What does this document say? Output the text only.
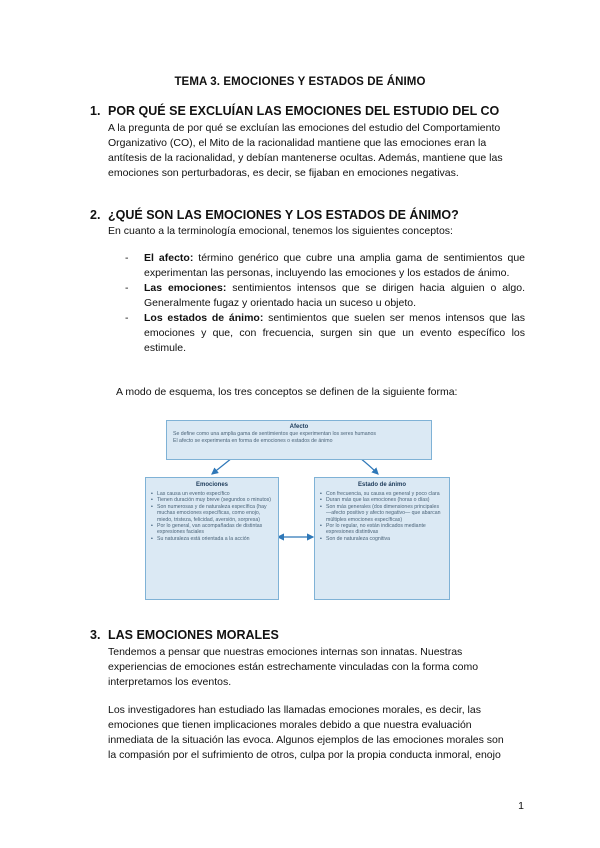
TEMA 3. EMOCIONES Y ESTADOS DE ÁNIMO
1. POR QUÉ SE EXCLUÍAN LAS EMOCIONES DEL ESTUDIO DEL CO
A la pregunta de por qué se excluían las emociones del estudio del Comportamiento
Organizativo (CO), el Mito de la racionalidad mantiene que las emociones eran la
antítesis de la racionalidad, y debían mantenerse ocultas. Además, mantiene que las
emociones son perturbadoras, es decir, se fijaban en emociones negativas.
2. ¿QUÉ SON LAS EMOCIONES Y LOS ESTADOS DE ÁNIMO?
En cuanto a la terminología emocional, tenemos los siguientes conceptos:
- El afecto: término genérico que cubre una amplia gama de sentimientos que experimentan las personas, incluyendo las emociones y los estados de ánimo.
- Las emociones: sentimientos intensos que se dirigen hacia alguien o algo. Generalmente fugaz y orientado hacia un suceso u objeto.
- Los estados de ánimo: sentimientos que suelen ser menos intensos que las emociones y que, con frecuencia, surgen sin que un evento específico los estimule.
A modo de esquema, los tres conceptos se definen de la siguiente forma:
Afecto
Se define como una amplia gama de sentimientos que experimentan los seres humanos
El afecto se experimenta en forma de emociones o estados de ánimo
Emociones
• Las causa un evento específico
• Tienen duración muy breve (segundos o minutos)
• Son numerosas y de naturaleza específica (hay muchas emociones específicas, como enojo, miedo, tristeza, felicidad, aversión, sorpresa)
• Por lo general, van acompañadas de distintas expresiones faciales
• Su naturaleza está orientada a la acción
Estado de ánimo
• Con frecuencia, su causa es general y poco clara
• Duran más que las emociones (horas o días)
• Son más generales (dos dimensiones principales —afecto positivo y afecto negativo— que abarcan múltiples emociones específicas)
• Por lo regular, no están indicados mediante expresiones distintivas
• Son de naturaleza cognitiva
3. LAS EMOCIONES MORALES
Tendemos a pensar que nuestras emociones internas son innatas. Nuestras
experiencias de emociones están estrechamente vinculadas con la forma como
interpretamos los eventos.
Los investigadores han estudiado las llamadas emociones morales, es decir, las
emociones que tienen implicaciones morales debido a que nuestra evaluación
inmediata de la situación las evoca. Algunos ejemplos de las emociones morales son
la compasión por el sufrimiento de otros, culpa por la propia conducta inmoral, enojo
1
